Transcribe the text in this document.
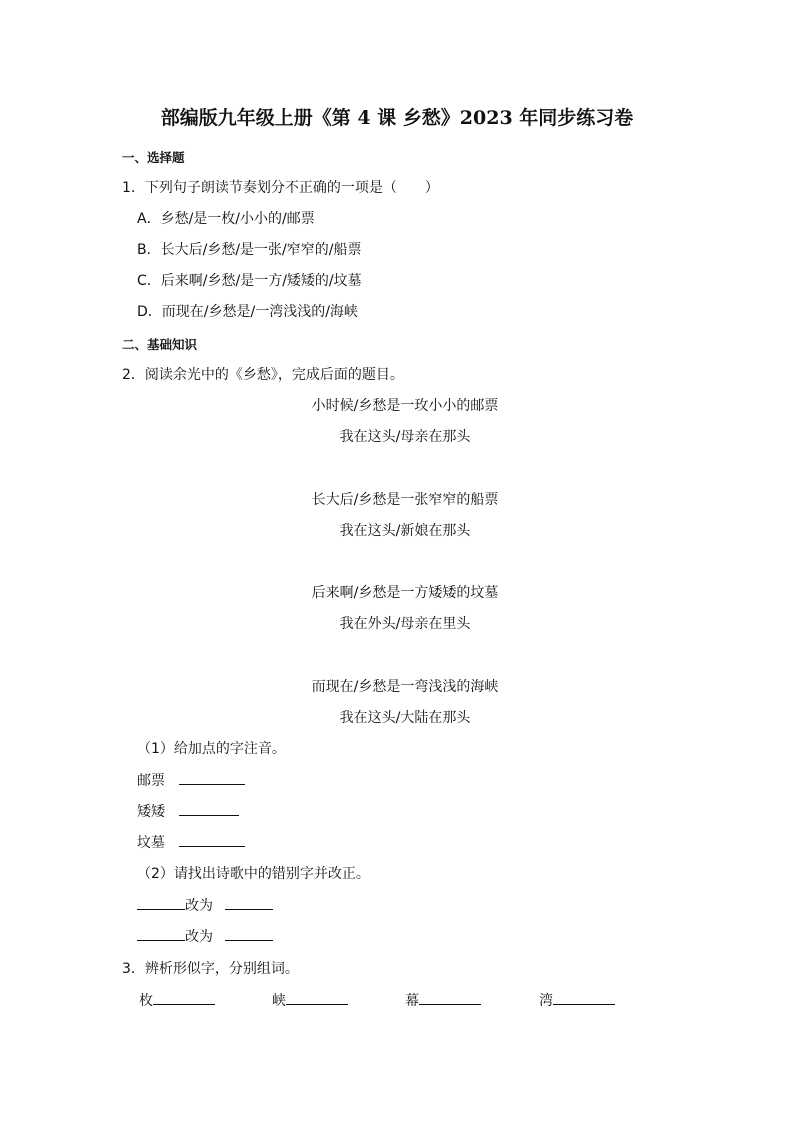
部编版九年级上册《第 4 课 乡愁》2023 年同步练习卷
一、选择题
1．下列句子朗读节奏划分不正确的一项是（　　）
A．乡愁/是一枚/小小的/邮票
B．长大后/乡愁/是一张/窄窄的/船票
C．后来啊/乡愁/是一方/矮矮的/坟墓
D．而现在/乡愁是/一湾浅浅的/海峡
二、基础知识
2．阅读余光中的《乡愁》，完成后面的题目。
小时候/乡愁是一玫小小的邮票
我在这头/母亲在那头
长大后/乡愁是一张窄窄的船票
我在这头/新娘在那头
后来啊/乡愁是一方矮矮的坟墓
我在外头/母亲在里头
而现在/乡愁是一弯浅浅的海峡
我在这头/大陆在那头
（1）给加点的字注音。
邮票
矮矮
坟墓
（2）请找出诗歌中的错别字并改正。
改为
改为
3．辨析形似字，分别组词。
枚	峡	幕	湾
